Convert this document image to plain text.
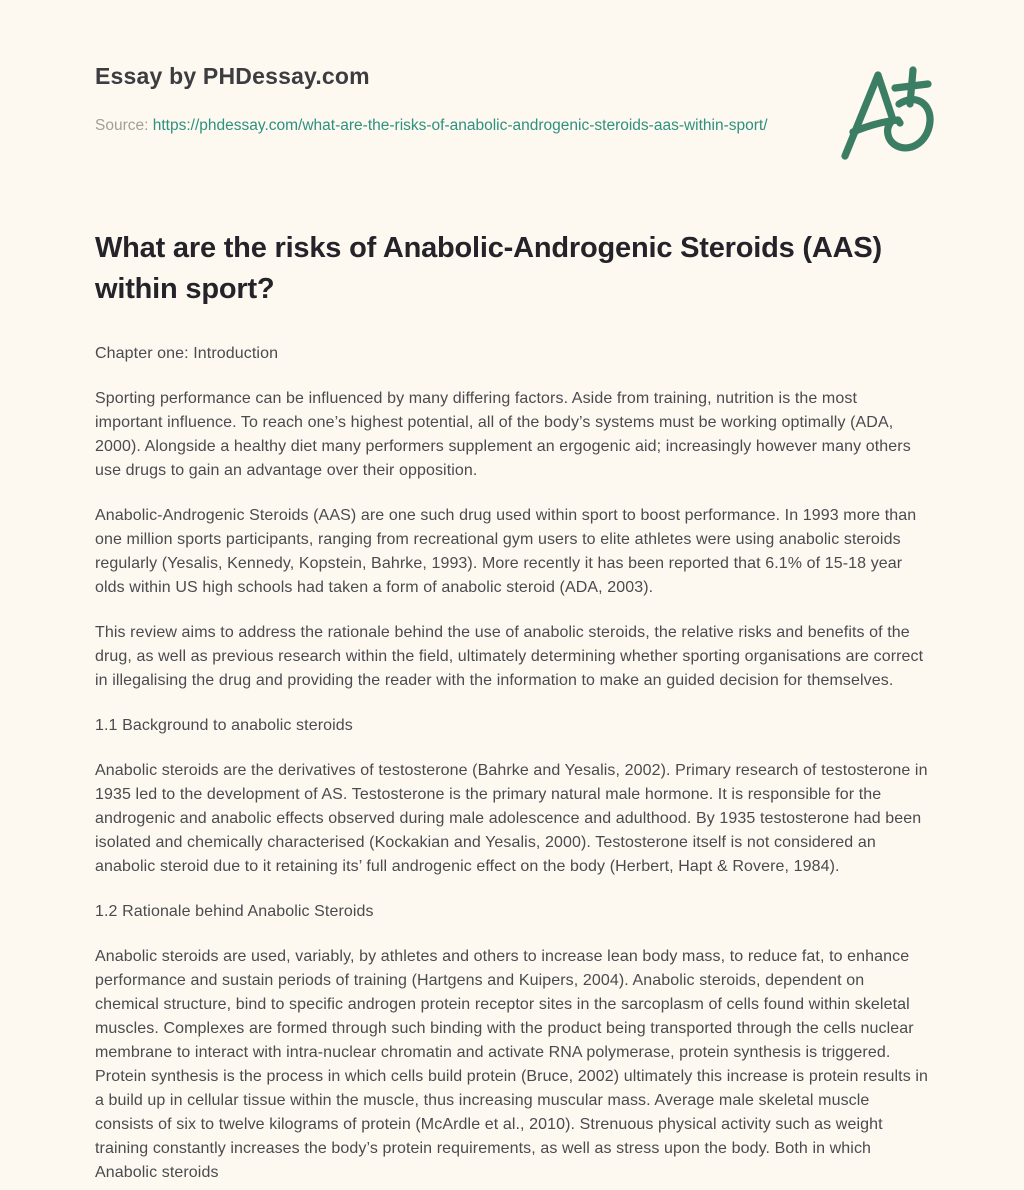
Essay by PHDessay.com
Source: https://phdessay.com/what-are-the-risks-of-anabolic-androgenic-steroids-aas-within-sport/
What are the risks of Anabolic-Androgenic Steroids (AAS) within sport?

Chapter one: Introduction

Sporting performance can be influenced by many differing factors. Aside from training, nutrition is the most important influence. To reach one’s highest potential, all of the body’s systems must be working optimally (ADA, 2000). Alongside a healthy diet many performers supplement an ergogenic aid; increasingly however many others use drugs to gain an advantage over their opposition.

Anabolic-Androgenic Steroids (AAS) are one such drug used within sport to boost performance. In 1993 more than one million sports participants, ranging from recreational gym users to elite athletes were using anabolic steroids regularly (Yesalis, Kennedy, Kopstein, Bahrke, 1993). More recently it has been reported that 6.1% of 15-18 year olds within US high schools had taken a form of anabolic steroid (ADA, 2003).

This review aims to address the rationale behind the use of anabolic steroids, the relative risks and benefits of the drug, as well as previous research within the field, ultimately determining whether sporting organisations are correct in illegalising the drug and providing the reader with the information to make an guided decision for themselves.

1.1 Background to anabolic steroids

Anabolic steroids are the derivatives of testosterone (Bahrke and Yesalis, 2002). Primary research of testosterone in 1935 led to the development of AS. Testosterone is the primary natural male hormone. It is responsible for the androgenic and anabolic effects observed during male adolescence and adulthood. By 1935 testosterone had been isolated and chemically characterised (Kockakian and Yesalis, 2000). Testosterone itself is not considered an anabolic steroid due to it retaining its’ full androgenic effect on the body (Herbert, Hapt & Rovere, 1984).

1.2 Rationale behind Anabolic Steroids

Anabolic steroids are used, variably, by athletes and others to increase lean body mass, to reduce fat, to enhance performance and sustain periods of training (Hartgens and Kuipers, 2004). Anabolic steroids, dependent on chemical structure, bind to specific androgen protein receptor sites in the sarcoplasm of cells found within skeletal muscles. Complexes are formed through such binding with the product being transported through the cells nuclear membrane to interact with intra-nuclear chromatin and activate RNA polymerase, protein synthesis is triggered. Protein synthesis is the process in which cells build protein (Bruce, 2002) ultimately this increase is protein results in a build up in cellular tissue within the muscle, thus increasing muscular mass. Average male skeletal muscle consists of six to twelve kilograms of protein (McArdle et al., 2010). Strenuous physical activity such as weight training constantly increases the body’s protein requirements, as well as stress upon the body. Both in which Anabolic steroids
